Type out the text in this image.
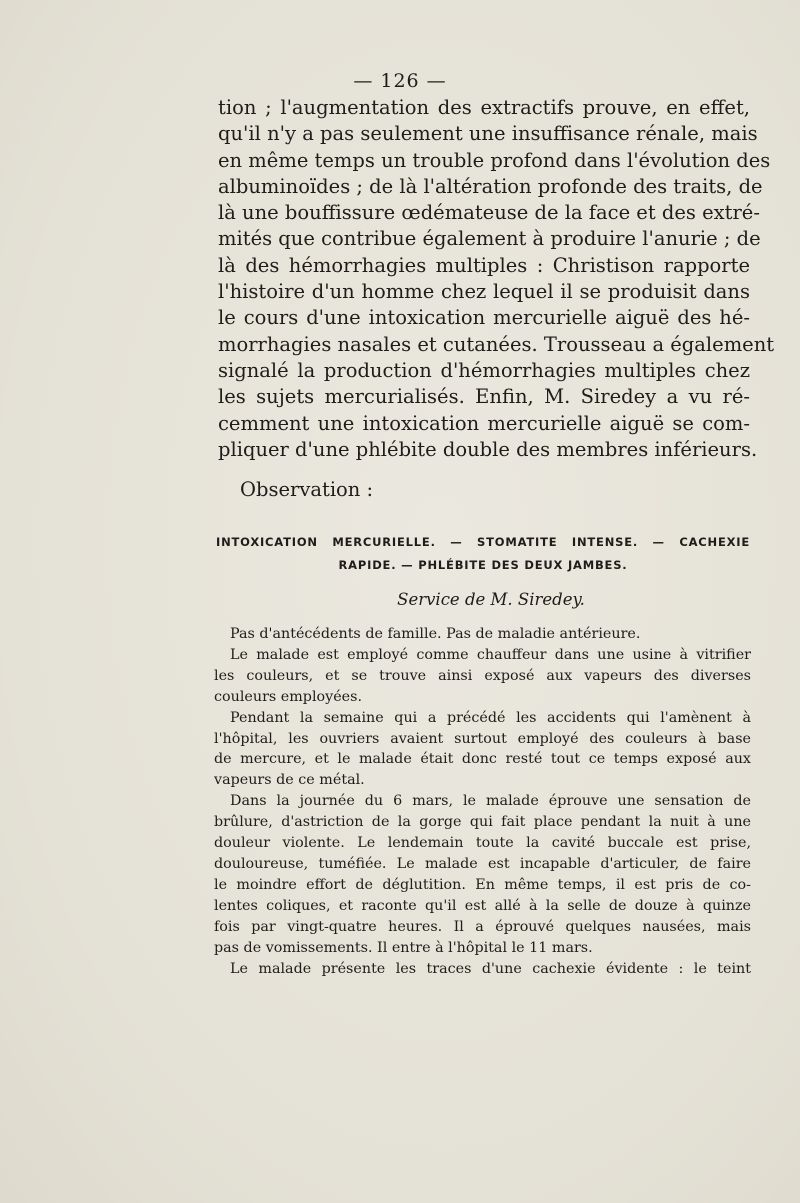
— 126 —
tion ; l'augmentation des extractifs prouve, en effet,
qu'il n'y a pas seulement une insuffisance rénale, mais
en même temps un trouble profond dans l'évolution des
albuminoïdes ; de là l'altération profonde des traits, de
là une bouffissure œdémateuse de la face et des extré-
mités que contribue également à produire l'anurie ; de
là des hémorrhagies multiples : Christison rapporte
l'histoire d'un homme chez lequel il se produisit dans
le cours d'une intoxication mercurielle aiguë des hé-
morrhagies nasales et cutanées. Trousseau a également
signalé la production d'hémorrhagies multiples chez
les sujets mercurialisés. Enfin, M. Siredey a vu ré-
cemment une intoxication mercurielle aiguë se com-
pliquer d'une phlébite double des membres inférieurs.
Observation :
INTOXICATION MERCURIELLE. — STOMATITE INTENSE. — CACHEXIE
RAPIDE. — PHLÉBITE DES DEUX JAMBES.
Service de M. Siredey.
Pas d'antécédents de famille. Pas de maladie antérieure.
Le malade est employé comme chauffeur dans une usine à vitrifier
les couleurs, et se trouve ainsi exposé aux vapeurs des diverses
couleurs employées.
Pendant la semaine qui a précédé les accidents qui l'amènent à
l'hôpital, les ouvriers avaient surtout employé des couleurs à base
de mercure, et le malade était donc resté tout ce temps exposé aux
vapeurs de ce métal.
Dans la journée du 6 mars, le malade éprouve une sensation de
brûlure, d'astriction de la gorge qui fait place pendant la nuit à une
douleur violente. Le lendemain toute la cavité buccale est prise,
douloureuse, tuméfiée. Le malade est incapable d'articuler, de faire
le moindre effort de déglutition. En même temps, il est pris de co-
lentes coliques, et raconte qu'il est allé à la selle de douze à quinze
fois par vingt-quatre heures. Il a éprouvé quelques nausées, mais
pas de vomissements. Il entre à l'hôpital le 11 mars.
Le malade présente les traces d'une cachexie évidente : le teint
